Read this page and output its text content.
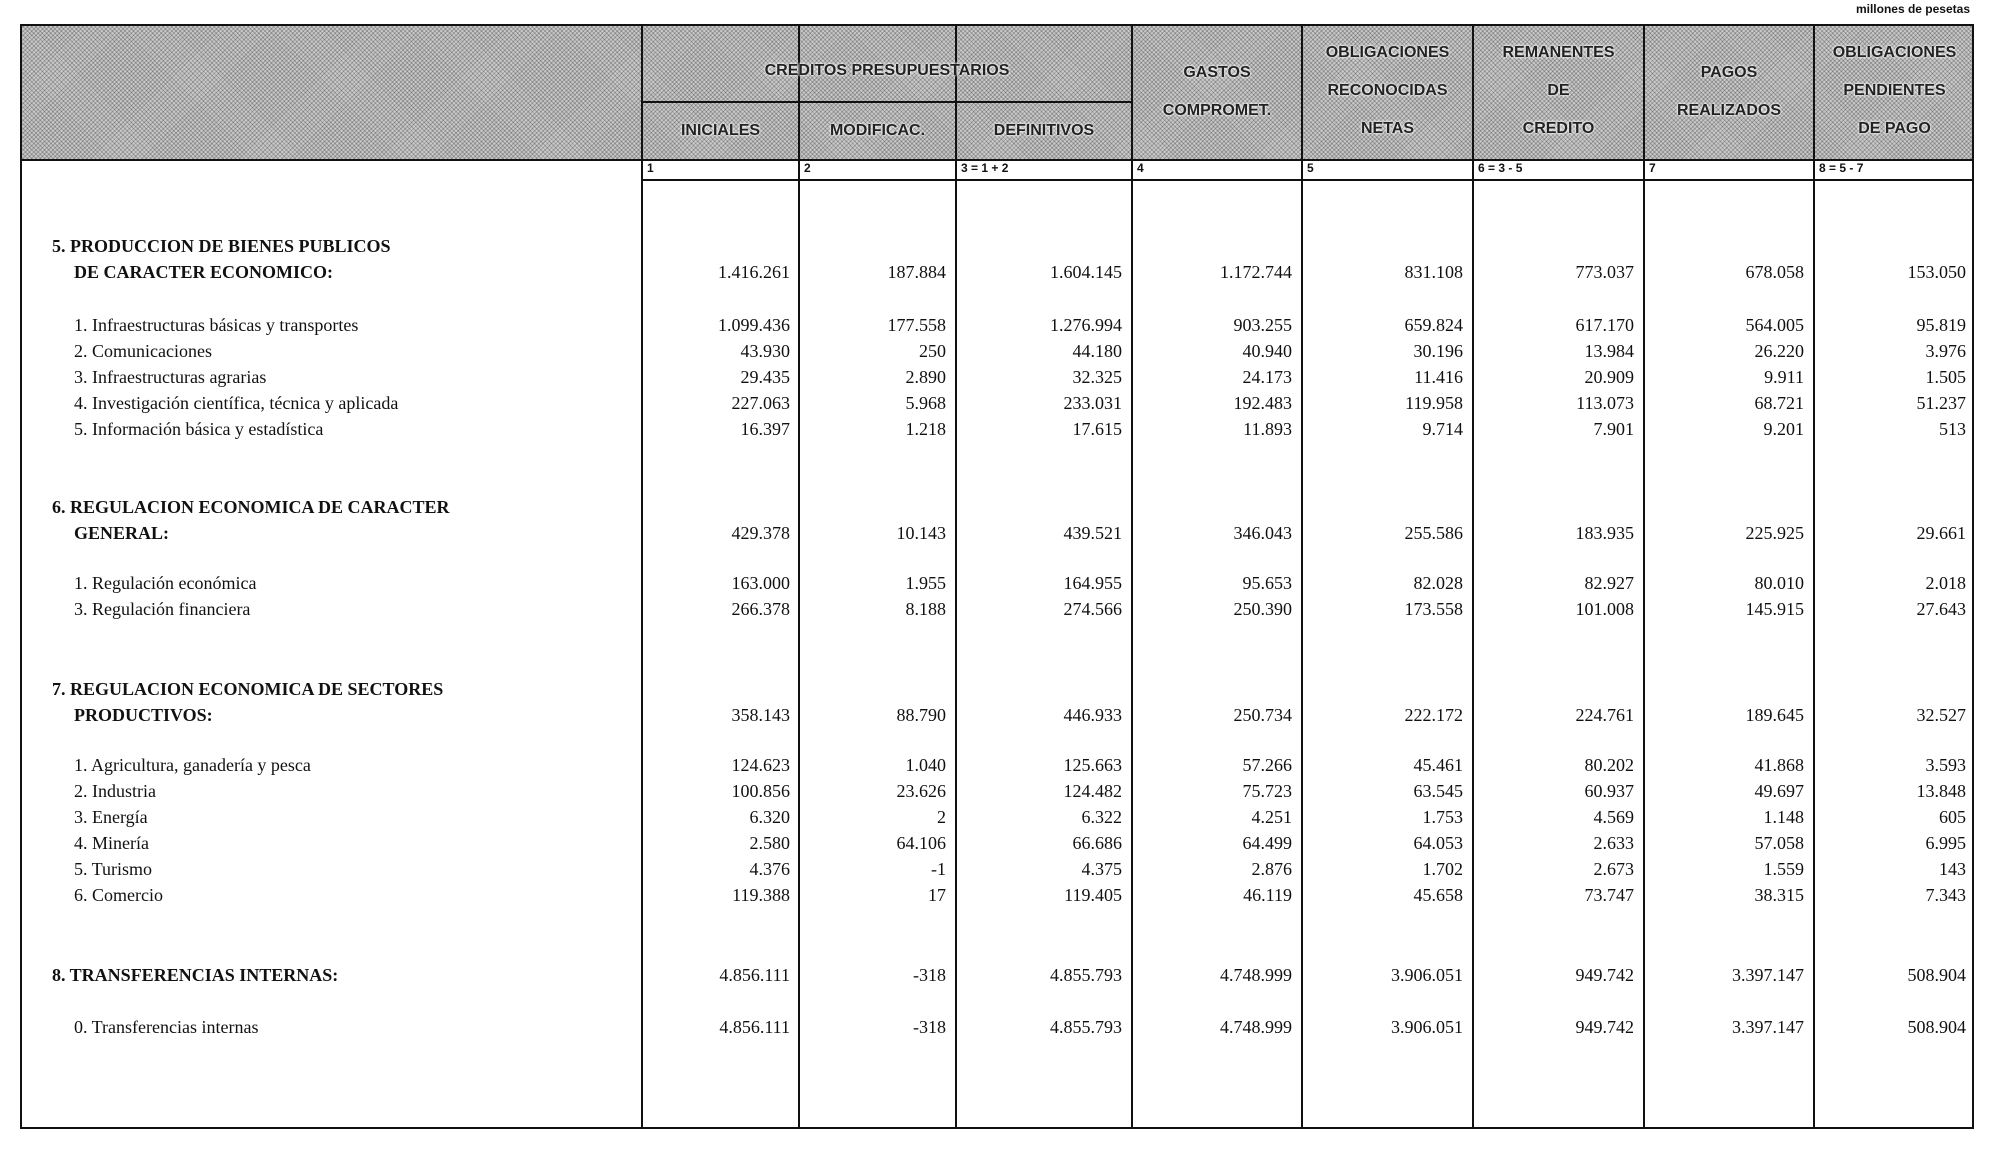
millones de pesetas
CREDITOS PRESUPUESTARIOS
INICIALES	MODIFICAC.	DEFINITIVOS
GASTOS
COMPROMET.
OBLIGACIONES
RECONOCIDAS
NETAS
REMANENTES
DE
CREDITO
PAGOS
REALIZADOS
OBLIGACIONES
PENDIENTES
DE PAGO
1	2	3 = 1 + 2	4	5	6 = 3 - 5	7	8 = 5 - 7
5. PRODUCCION DE BIENES PUBLICOS
DE CARACTER ECONOMICO:	1.416.261	187.884	1.604.145	1.172.744	831.108	773.037	678.058	153.050
1. Infraestructuras básicas y transportes	1.099.436	177.558	1.276.994	903.255	659.824	617.170	564.005	95.819
2. Comunicaciones	43.930	250	44.180	40.940	30.196	13.984	26.220	3.976
3. Infraestructuras agrarias	29.435	2.890	32.325	24.173	11.416	20.909	9.911	1.505
4. Investigación científica, técnica y aplicada	227.063	5.968	233.031	192.483	119.958	113.073	68.721	51.237
5. Información básica y estadística	16.397	1.218	17.615	11.893	9.714	7.901	9.201	513
6. REGULACION ECONOMICA DE CARACTER
GENERAL:	429.378	10.143	439.521	346.043	255.586	183.935	225.925	29.661
1. Regulación económica	163.000	1.955	164.955	95.653	82.028	82.927	80.010	2.018
3. Regulación financiera	266.378	8.188	274.566	250.390	173.558	101.008	145.915	27.643
7. REGULACION ECONOMICA DE SECTORES
PRODUCTIVOS:	358.143	88.790	446.933	250.734	222.172	224.761	189.645	32.527
1. Agricultura, ganadería y pesca	124.623	1.040	125.663	57.266	45.461	80.202	41.868	3.593
2. Industria	100.856	23.626	124.482	75.723	63.545	60.937	49.697	13.848
3. Energía	6.320	2	6.322	4.251	1.753	4.569	1.148	605
4. Minería	2.580	64.106	66.686	64.499	64.053	2.633	57.058	6.995
5. Turismo	4.376	-1	4.375	2.876	1.702	2.673	1.559	143
6. Comercio	119.388	17	119.405	46.119	45.658	73.747	38.315	7.343
8. TRANSFERENCIAS INTERNAS:	4.856.111	-318	4.855.793	4.748.999	3.906.051	949.742	3.397.147	508.904
0. Transferencias internas	4.856.111	-318	4.855.793	4.748.999	3.906.051	949.742	3.397.147	508.904
